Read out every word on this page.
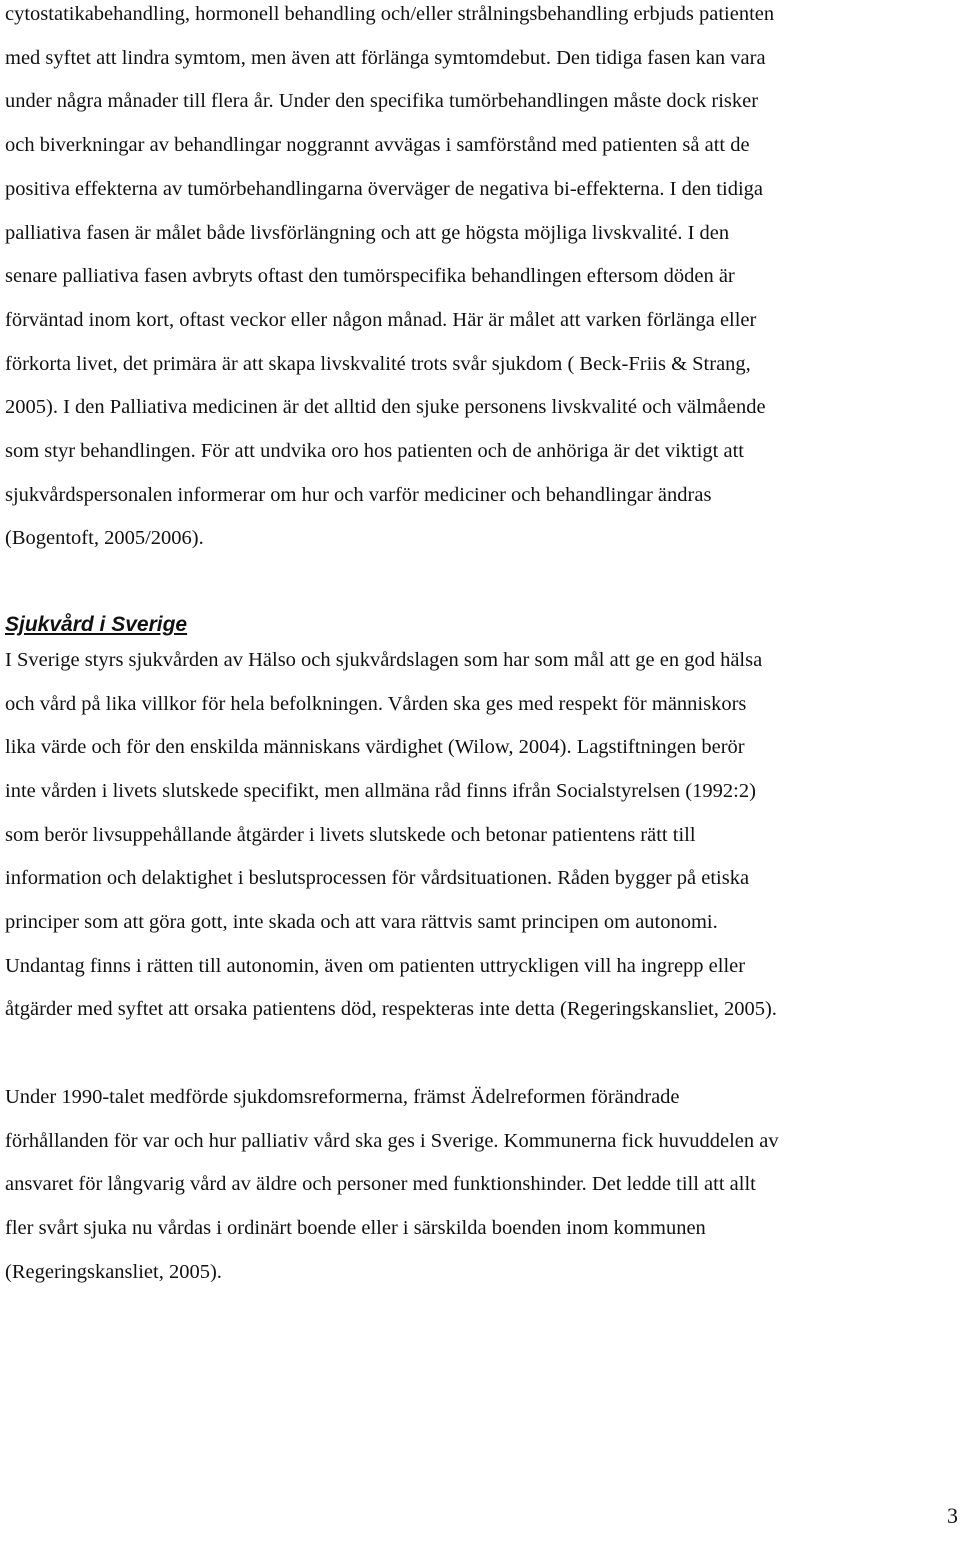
cytostatikabehandling, hormonell behandling och/eller strålningsbehandling erbjuds patienten
med syftet att lindra symtom, men även att förlänga symtomdebut. Den tidiga fasen kan vara
under några månader till flera år. Under den specifika tumörbehandlingen måste dock risker
och biverkningar av behandlingar noggrannt avvägas i samförstånd med patienten så att de
positiva effekterna av tumörbehandlingarna överväger de negativa bi-effekterna. I den tidiga
palliativa fasen är målet både livsförlängning och att ge högsta möjliga livskvalité. I den
senare palliativa fasen avbryts oftast den tumörspecifika behandlingen eftersom döden är
förväntad inom kort, oftast veckor eller någon månad. Här är målet att varken förlänga eller
förkorta livet, det primära är att skapa livskvalité trots svår sjukdom ( Beck-Friis & Strang,
2005). I den Palliativa medicinen är det alltid den sjuke personens livskvalité och välmående
som styr behandlingen. För att undvika oro hos patienten och de anhöriga är det viktigt att
sjukvårdspersonalen informerar om hur och varför mediciner och behandlingar ändras
(Bogentoft, 2005/2006).

Sjukvård i Sverige

I Sverige styrs sjukvården av Hälso och sjukvårdslagen som har som mål att ge en god hälsa
och vård på lika villkor för hela befolkningen. Vården ska ges med respekt för människors
lika värde och för den enskilda människans värdighet (Wilow, 2004). Lagstiftningen berör
inte vården i livets slutskede specifikt, men allmäna råd finns ifrån Socialstyrelsen (1992:2)
som berör livsuppehållande åtgärder i livets slutskede och betonar patientens rätt till
information och delaktighet i beslutsprocessen för vårdsituationen. Råden bygger på etiska
principer som att göra gott, inte skada och att vara rättvis samt principen om autonomi.
Undantag finns i rätten till autonomin, även om patienten uttryckligen vill ha ingrepp eller
åtgärder med syftet att orsaka patientens död, respekteras inte detta (Regeringskansliet, 2005).

Under 1990-talet medförde sjukdomsreformerna, främst Ädelreformen förändrade
förhållanden för var och hur palliativ vård ska ges i Sverige. Kommunerna fick huvuddelen av
ansvaret för långvarig vård av äldre och personer med funktionshinder. Det ledde till att allt
fler svårt sjuka nu vårdas i ordinärt boende eller i särskilda boenden inom kommunen
(Regeringskansliet, 2005).

3
